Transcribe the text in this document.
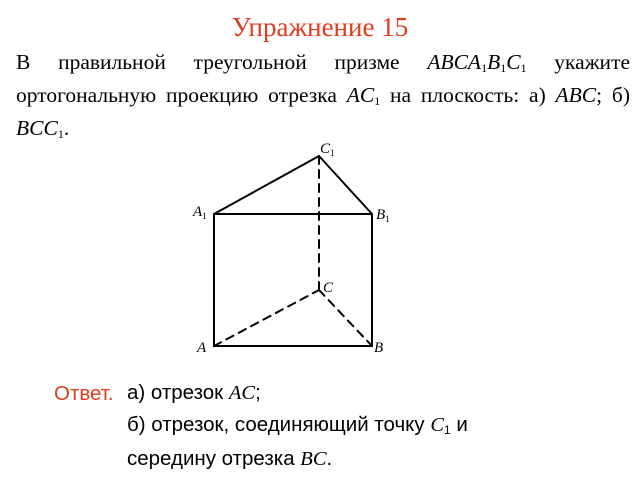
Упражнение 15
В правильной треугольной призме $ABCA_1B_1C_1$ укажите ортогональную проекцию отрезка $AC_1$ на плоскость: а) ABC; б) $BCC_1$.
$C_1$
$A_1$	$B_1$
C
A	B
Ответ. а) отрезок AC;
б) отрезок, соединяющий точку $C_1$ и середину отрезка BC.
